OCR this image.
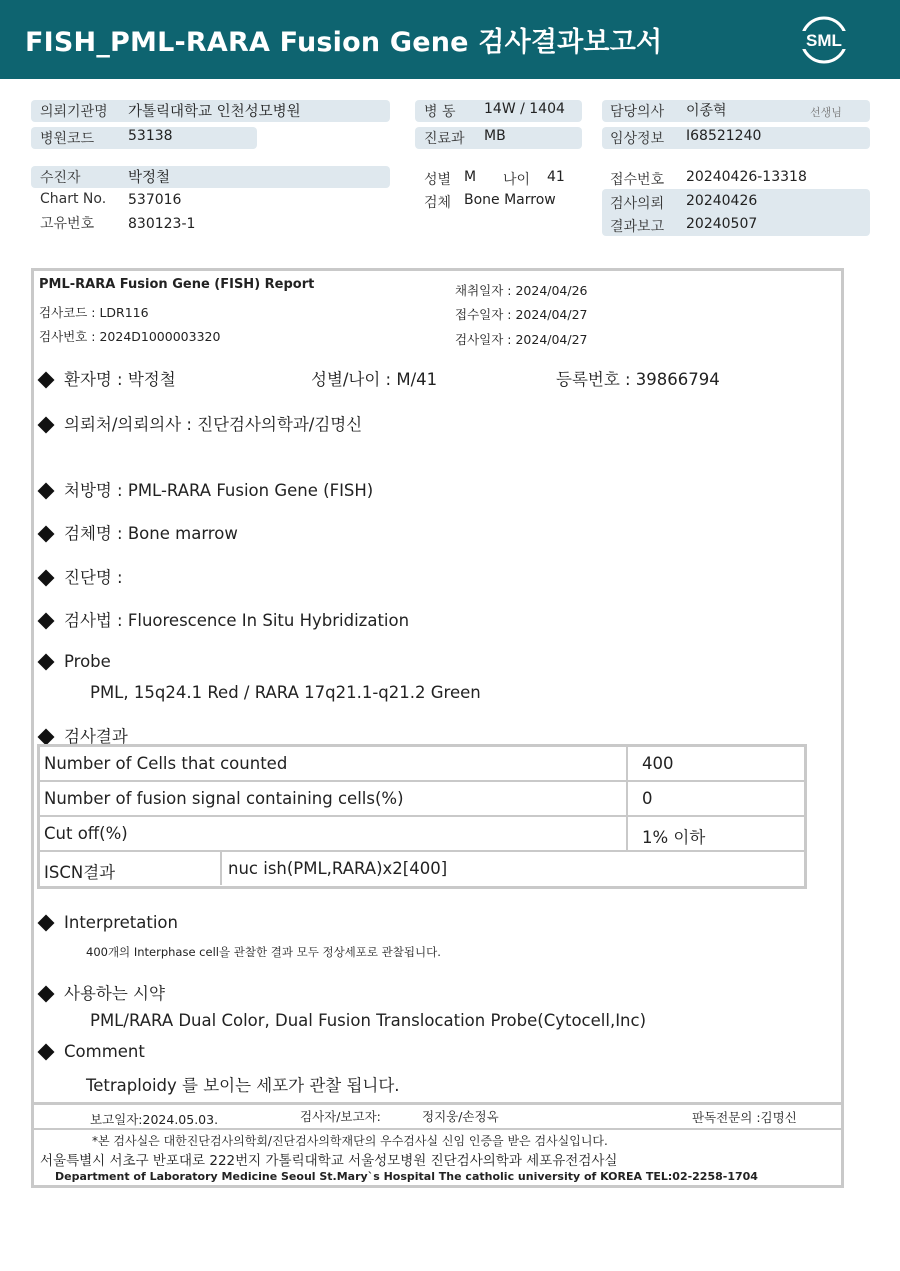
FISH_PML-RARA Fusion Gene 검사결과보고서	SML
의뢰기관명 가톨릭대학교 인천성모병원
병원코드 53138
병 동 14W / 1404
진료과 MB
담당의사 이종혁	선생님
임상정보 I68521240
수진자	박정철
Chart No. 537016
고유번호 830123-1
성별 M 나이 41
검체 Bone Marrow
접수번호 20240426-13318
검사의뢰 20240426
결과보고 20240507
PML-RARA Fusion Gene (FISH) Report
검사코드 : LDR116
검사번호 : 2024D1000003320
채취일자 : 2024/04/26
접수일자 : 2024/04/27
검사일자 : 2024/04/27
환자명 : 박정철	성별/나이 : M/41	등록번호 : 39866794
의뢰처/의뢰의사 : 진단검사의학과/김명신
처방명 : PML-RARA Fusion Gene (FISH)
검체명 : Bone marrow
진단명 :
검사법 : Fluorescence In Situ Hybridization
Probe
PML, 15q24.1 Red / RARA 17q21.1-q21.2 Green
검사결과
Number of Cells that counted	400
Number of fusion signal containing cells(%)	0
Cut off(%)	1% 이하
ISCN결과	nuc ish(PML,RARA)x2[400]
Interpretation
400개의 Interphase cell을 관찰한 결과 모두 정상세포로 관찰됩니다.
사용하는 시약
PML/RARA Dual Color, Dual Fusion Translocation Probe(Cytocell,Inc)
Comment
Tetraploidy 를 보이는 세포가 관찰 됩니다.
보고일자:2024.05.03.	검사자/보고자:	정지웅/손정옥	판독전문의 :김명신
*본 검사실은 대한진단검사의학회/진단검사의학재단의 우수검사실 신임 인증을 받은 검사실입니다.
서울특별시 서초구 반포대로 222번지 가톨릭대학교 서울성모병원 진단검사의학과 세포유전검사실
Department of Laboratory Medicine Seoul St.Mary`s Hospital The catholic university of KOREA TEL:02-2258-1704
